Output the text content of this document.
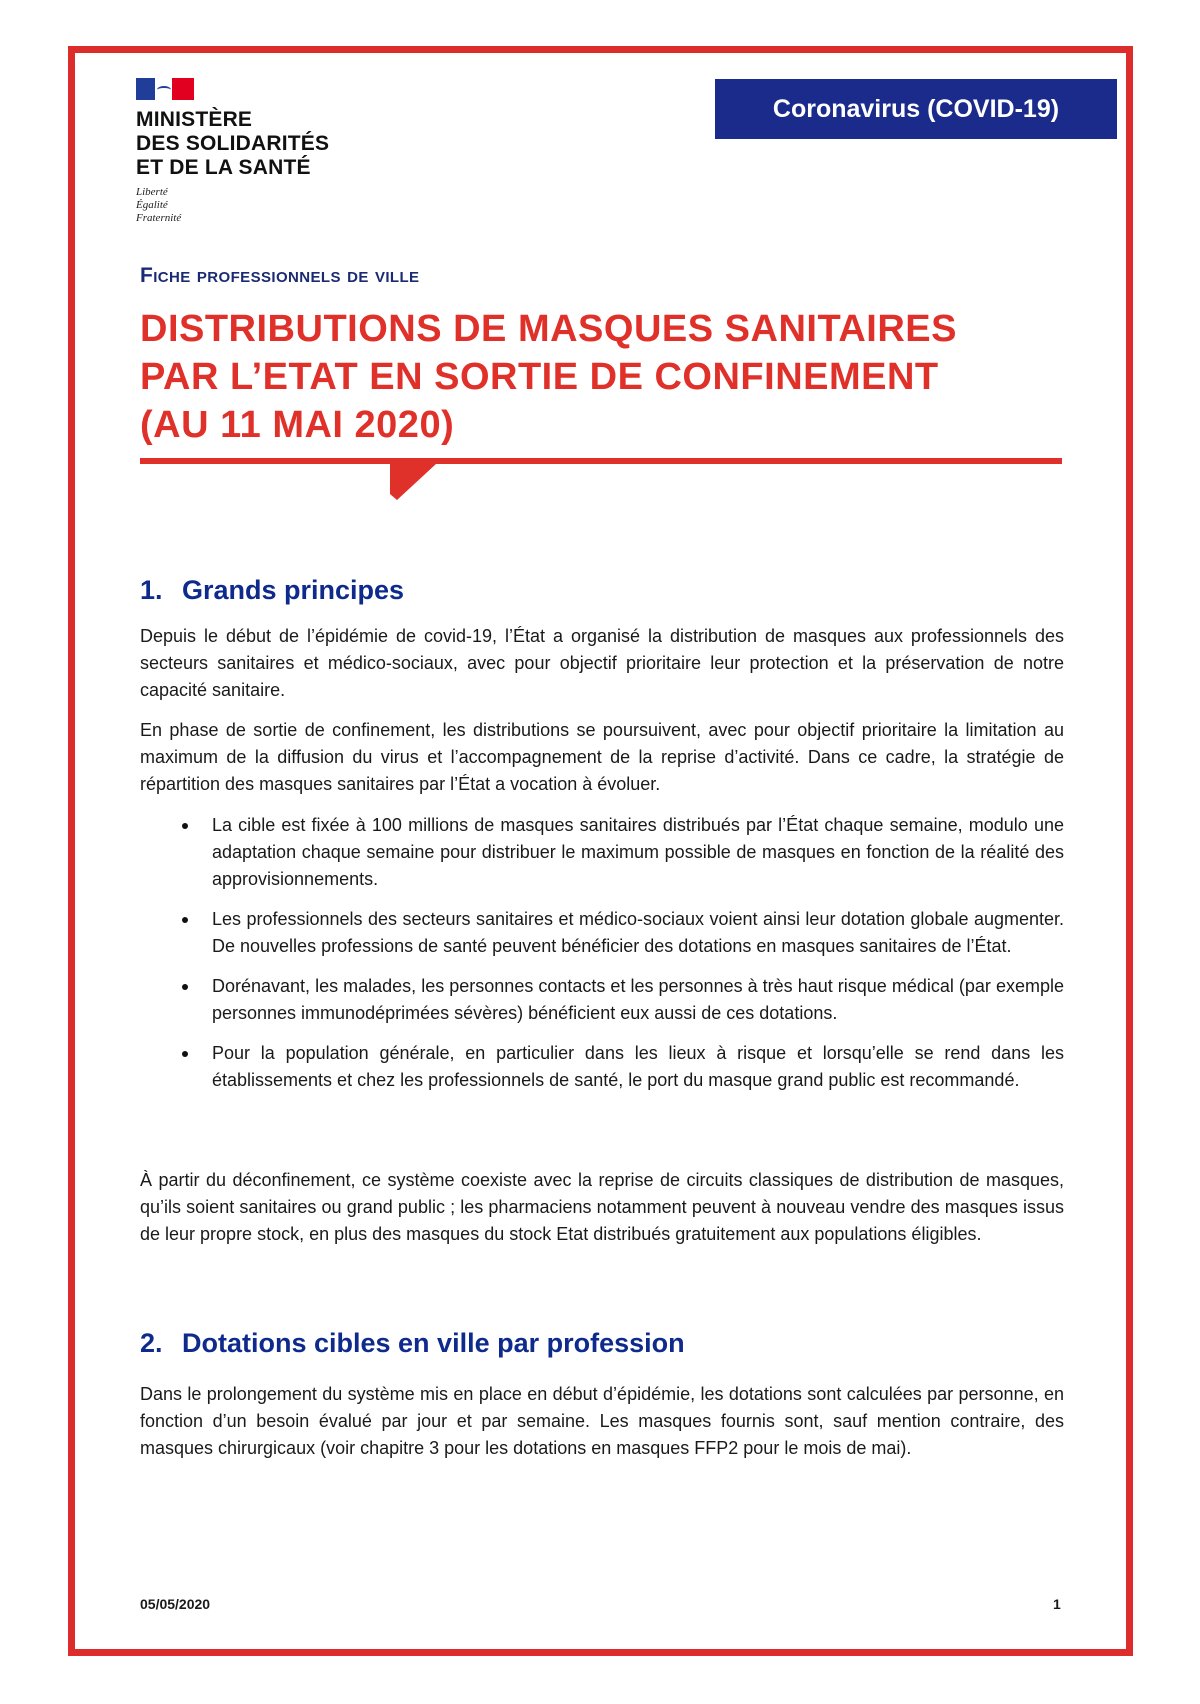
MINISTÈRE
DES SOLIDARITÉS
ET DE LA SANTÉ
Liberté
Égalité
Fraternité
Coronavirus (COVID-19)
Fiche professionnels de ville
DISTRIBUTIONS DE MASQUES SANITAIRES
PAR L’ETAT EN SORTIE DE CONFINEMENT
(AU 11 MAI 2020)
1. Grands principes

Depuis le début de l’épidémie de covid-19, l’État a organisé la distribution de masques aux professionnels des secteurs sanitaires et médico-sociaux, avec pour objectif prioritaire leur protection et la préservation de notre capacité sanitaire.

En phase de sortie de confinement, les distributions se poursuivent, avec pour objectif prioritaire la limitation au maximum de la diffusion du virus et l’accompagnement de la reprise d’activité. Dans ce cadre, la stratégie de répartition des masques sanitaires par l’État a vocation à évoluer.

La cible est fixée à 100 millions de masques sanitaires distribués par l’État chaque semaine, modulo une adaptation chaque semaine pour distribuer le maximum possible de masques en fonction de la réalité des approvisionnements.
Les professionnels des secteurs sanitaires et médico-sociaux voient ainsi leur dotation globale augmenter. De nouvelles professions de santé peuvent bénéficier des dotations en masques sanitaires de l’État.
Dorénavant, les malades, les personnes contacts et les personnes à très haut risque médical (par exemple personnes immunodéprimées sévères) bénéficient eux aussi de ces dotations.
Pour la population générale, en particulier dans les lieux à risque et lorsqu’elle se rend dans les établissements et chez les professionnels de santé, le port du masque grand public est recommandé.

À partir du déconfinement, ce système coexiste avec la reprise de circuits classiques de distribution de masques, qu’ils soient sanitaires ou grand public ; les pharmaciens notamment peuvent à nouveau vendre des masques issus de leur propre stock, en plus des masques du stock Etat distribués gratuitement aux populations éligibles.

2. Dotations cibles en ville par profession

Dans le prolongement du système mis en place en début d’épidémie, les dotations sont calculées par personne, en fonction d’un besoin évalué par jour et par semaine. Les masques fournis sont, sauf mention contraire, des masques chirurgicaux (voir chapitre 3 pour les dotations en masques FFP2 pour le mois de mai).

05/05/2020	1
